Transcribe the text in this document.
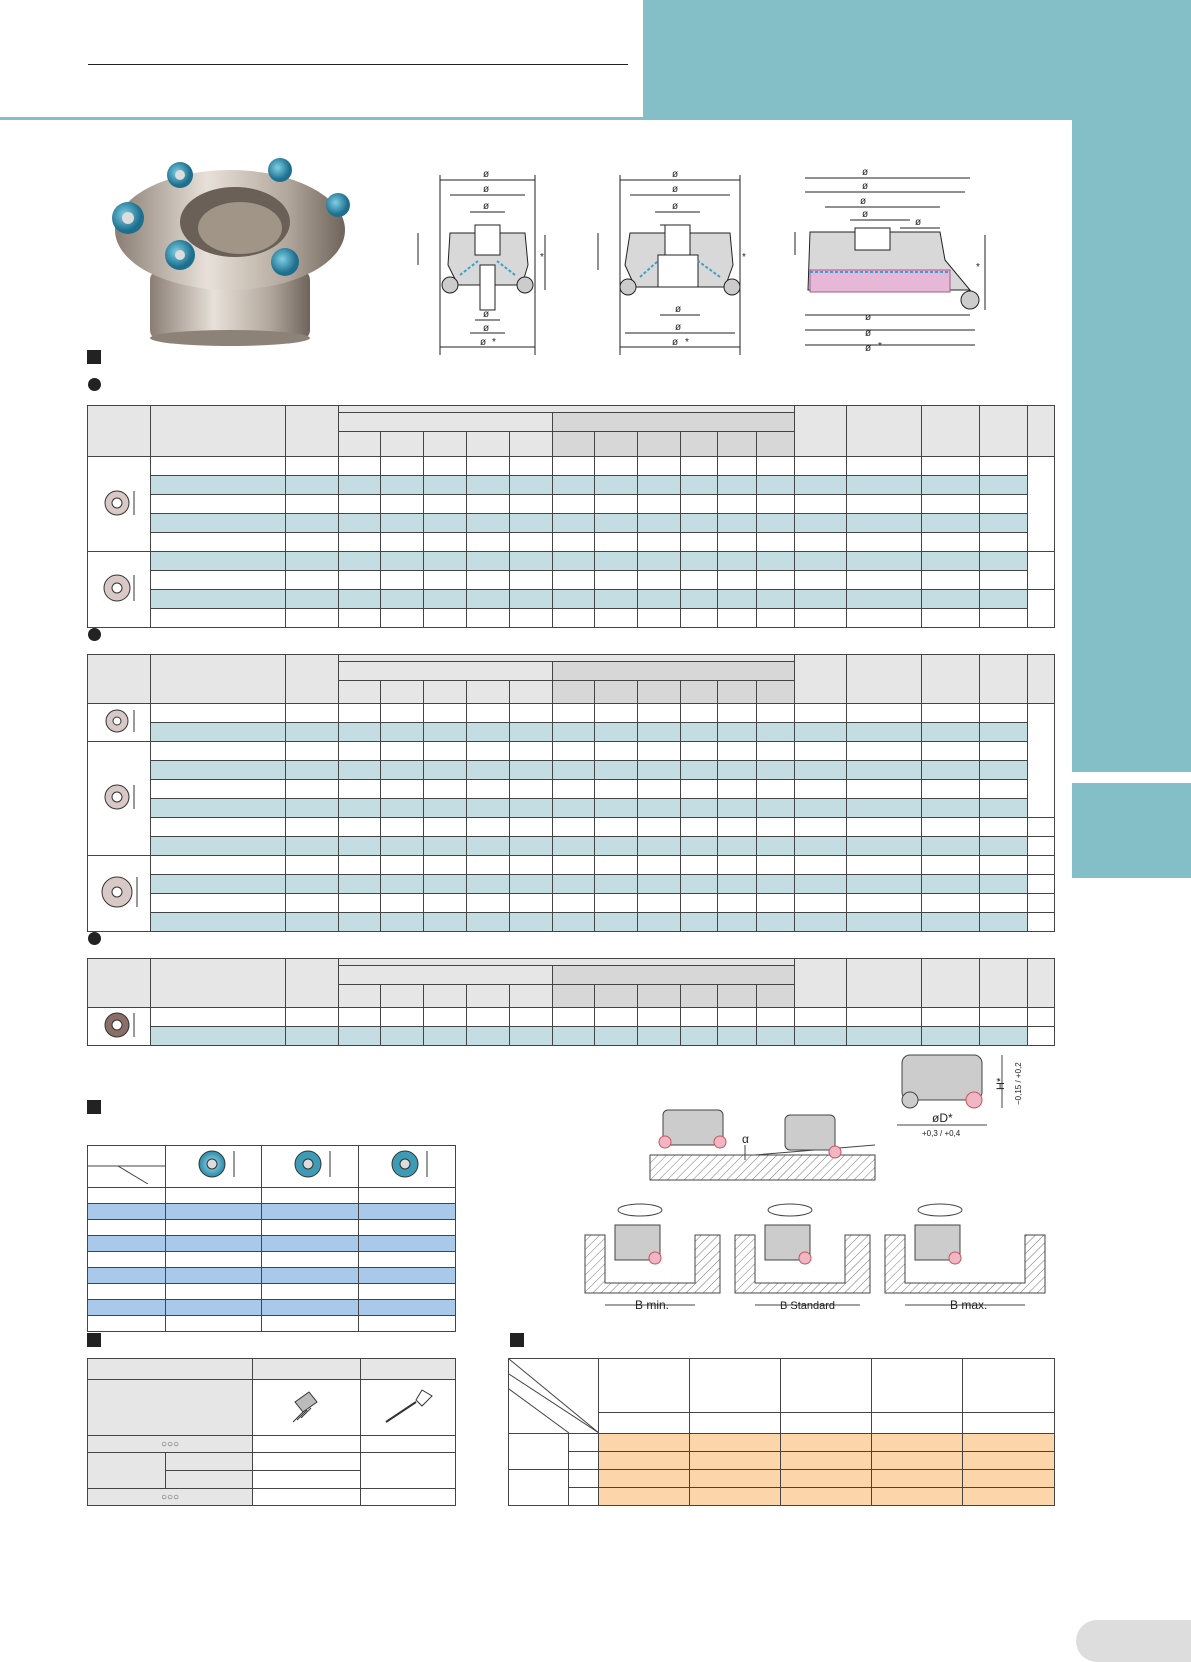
ø
ø
ø
ø
ø
ø *
*
ø
ø
ø
ø
ø
ø *
*
ø
ø
ø
ø
ø
ø
ø
ø *
*

○○○			

○○○			
α
øD*
+0,3 / +0,4
H* −0,15 / +0,2
B min.	B Standard	B max.
